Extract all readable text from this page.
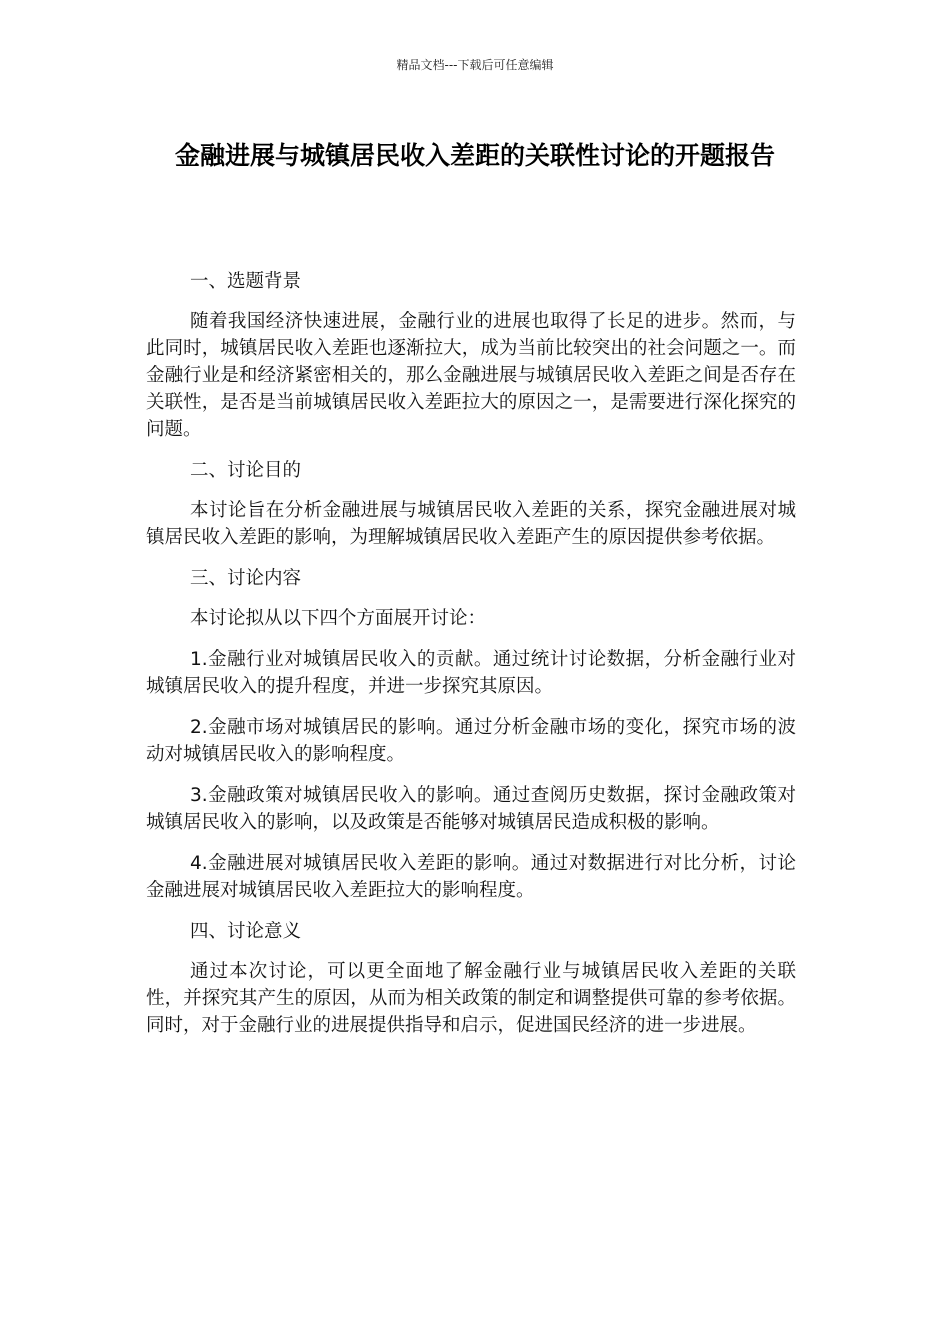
精品文档---下载后可任意编辑
金融进展与城镇居民收入差距的关联性讨论的开题报告

一、选题背景

随着我国经济快速进展，金融行业的进展也取得了长足的进步。然而，与此同时，城镇居民收入差距也逐渐拉大，成为当前比较突出的社会问题之一。而金融行业是和经济紧密相关的，那么金融进展与城镇居民收入差距之间是否存在关联性，是否是当前城镇居民收入差距拉大的原因之一，是需要进行深化探究的问题。

二、讨论目的

本讨论旨在分析金融进展与城镇居民收入差距的关系，探究金融进展对城镇居民收入差距的影响，为理解城镇居民收入差距产生的原因提供参考依据。

三、讨论内容

本讨论拟从以下四个方面展开讨论：

1.金融行业对城镇居民收入的贡献。通过统计讨论数据，分析金融行业对城镇居民收入的提升程度，并进一步探究其原因。

2.金融市场对城镇居民的影响。通过分析金融市场的变化，探究市场的波动对城镇居民收入的影响程度。

3.金融政策对城镇居民收入的影响。通过查阅历史数据，探讨金融政策对城镇居民收入的影响，以及政策是否能够对城镇居民造成积极的影响。

4.金融进展对城镇居民收入差距的影响。通过对数据进行对比分析，讨论金融进展对城镇居民收入差距拉大的影响程度。

四、讨论意义

通过本次讨论，可以更全面地了解金融行业与城镇居民收入差距的关联性，并探究其产生的原因，从而为相关政策的制定和调整提供可靠的参考依据。同时，对于金融行业的进展提供指导和启示，促进国民经济的进一步进展。
